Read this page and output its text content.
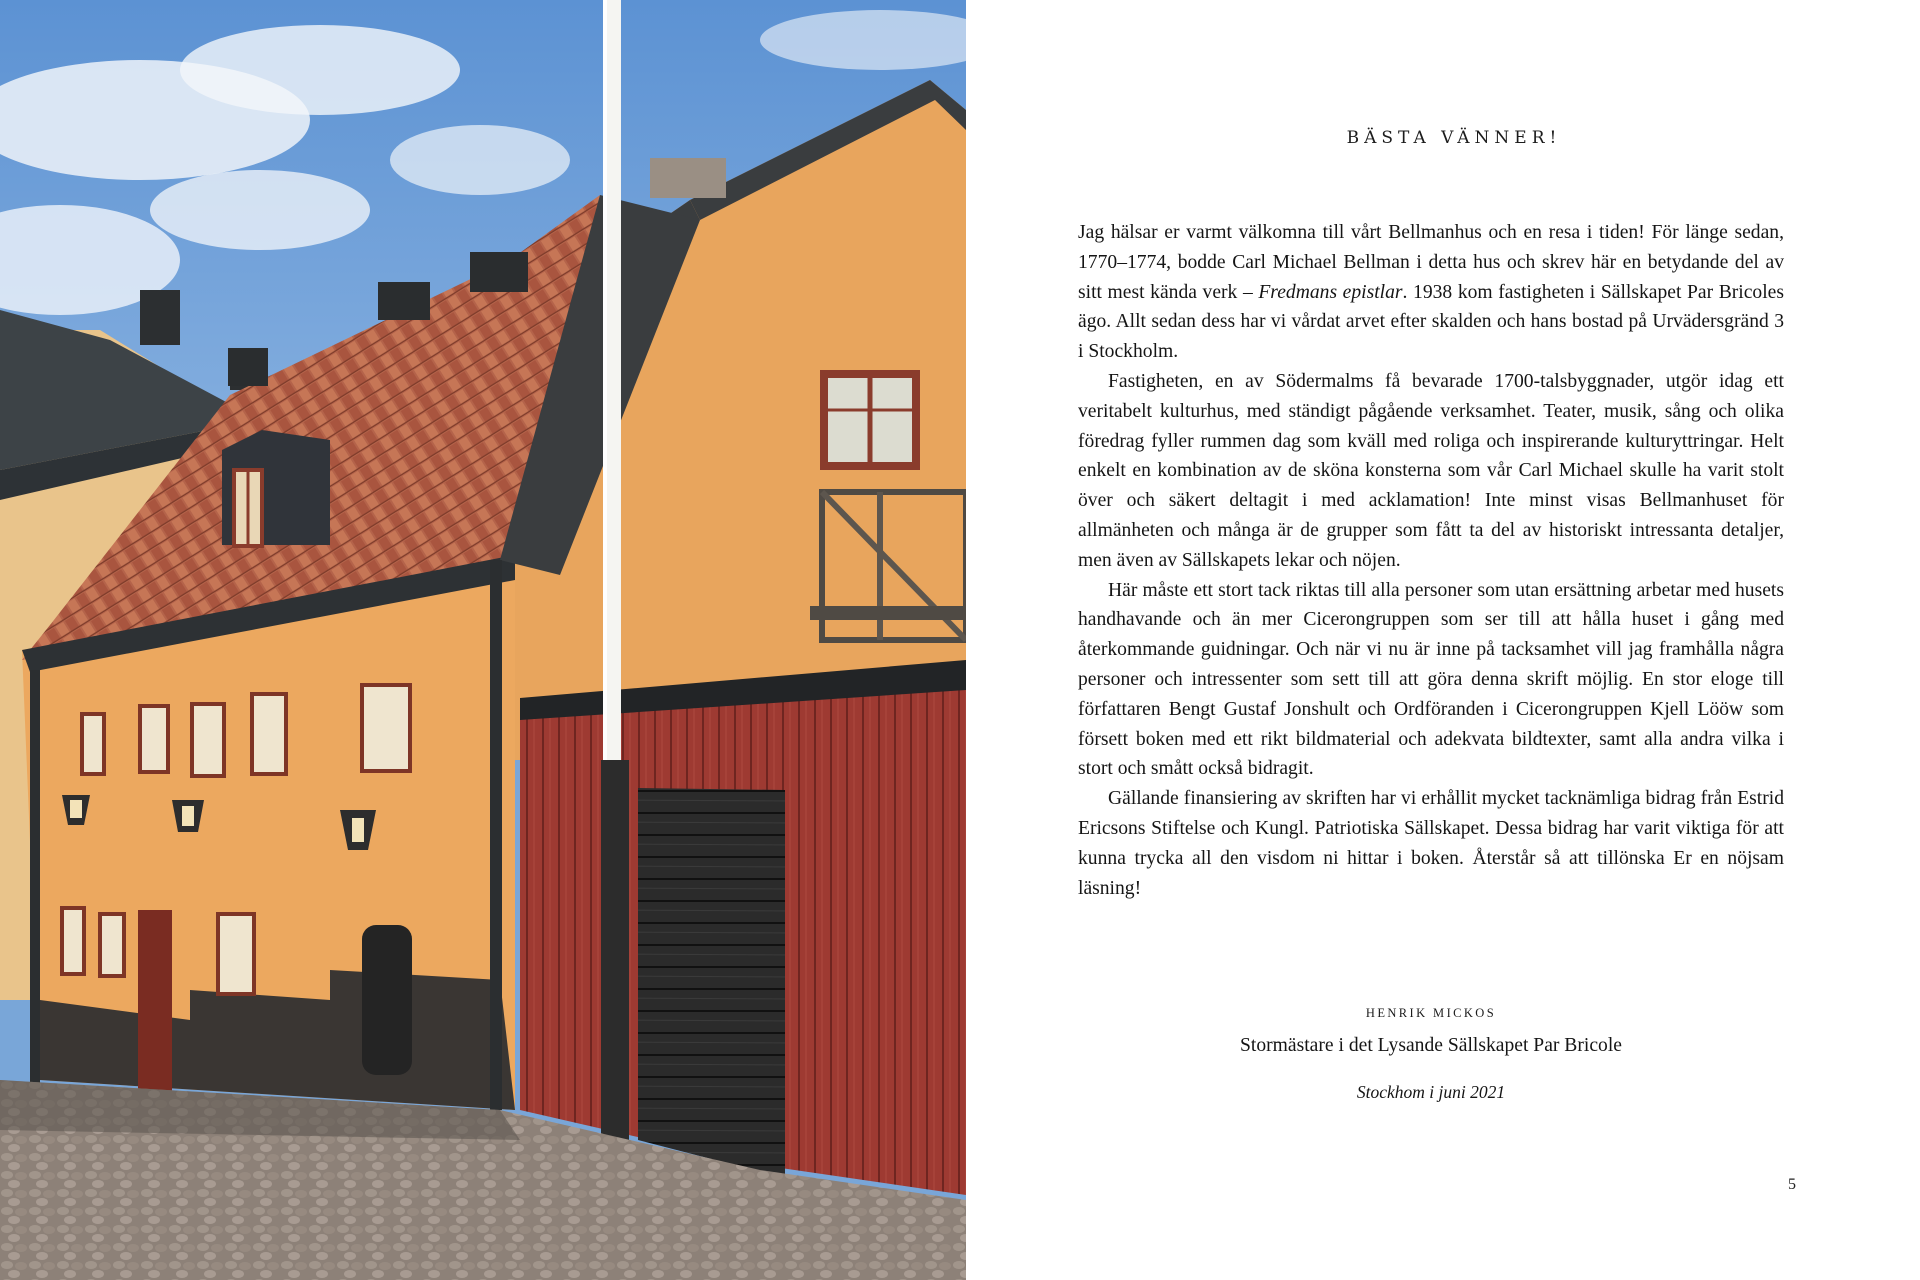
BÄSTA VÄNNER!

Jag hälsar er varmt välkomna till vårt Bellmanhus och en resa i tiden! För länge sedan, 1770–1774, bodde Carl Michael Bellman i detta hus och skrev här en betydande del av sitt mest kända verk – Fredmans epistlar. 1938 kom fastigheten i Sällskapet Par Bricoles ägo. Allt sedan dess har vi vårdat arvet efter skalden och hans bostad på Urvädersgränd 3 i Stockholm.

Fastigheten, en av Södermalms få bevarade 1700-talsbyggnader, utgör idag ett veritabelt kulturhus, med ständigt pågående verksamhet. Teater, musik, sång och olika föredrag fyller rummen dag som kväll med roliga och inspirerande kulturyttringar. Helt enkelt en kombination av de sköna konsterna som vår Carl Michael skulle ha varit stolt över och säkert deltagit i med acklamation! Inte minst visas Bellmanhuset för allmänheten och många är de grupper som fått ta del av historiskt intressanta detaljer, men även av Sällskapets lekar och nöjen.

Här måste ett stort tack riktas till alla personer som utan ersättning arbetar med husets handhavande och än mer Cicerongruppen som ser till att hålla huset i gång med återkommande guidningar. Och när vi nu är inne på tacksamhet vill jag framhålla några personer och intressenter som sett till att göra denna skrift möjlig. En stor eloge till författaren Bengt Gustaf Jonshult och Ordföranden i Cicerongruppen Kjell Lööw som försett boken med ett rikt bildmaterial och adekvata bildtexter, samt alla andra vilka i stort och smått också bidragit.

Gällande finansiering av skriften har vi erhållit mycket tacknämliga bidrag från Estrid Ericsons Stiftelse och Kungl. Patriotiska Sällskapet. Dessa bidrag har varit viktiga för att kunna trycka all den visdom ni hittar i boken. Återstår så att tillönska Er en nöjsam läsning!

HENRIK MICKOS
Stormästare i det Lysande Sällskapet Par Bricole
Stockhom i juni 2021
5
